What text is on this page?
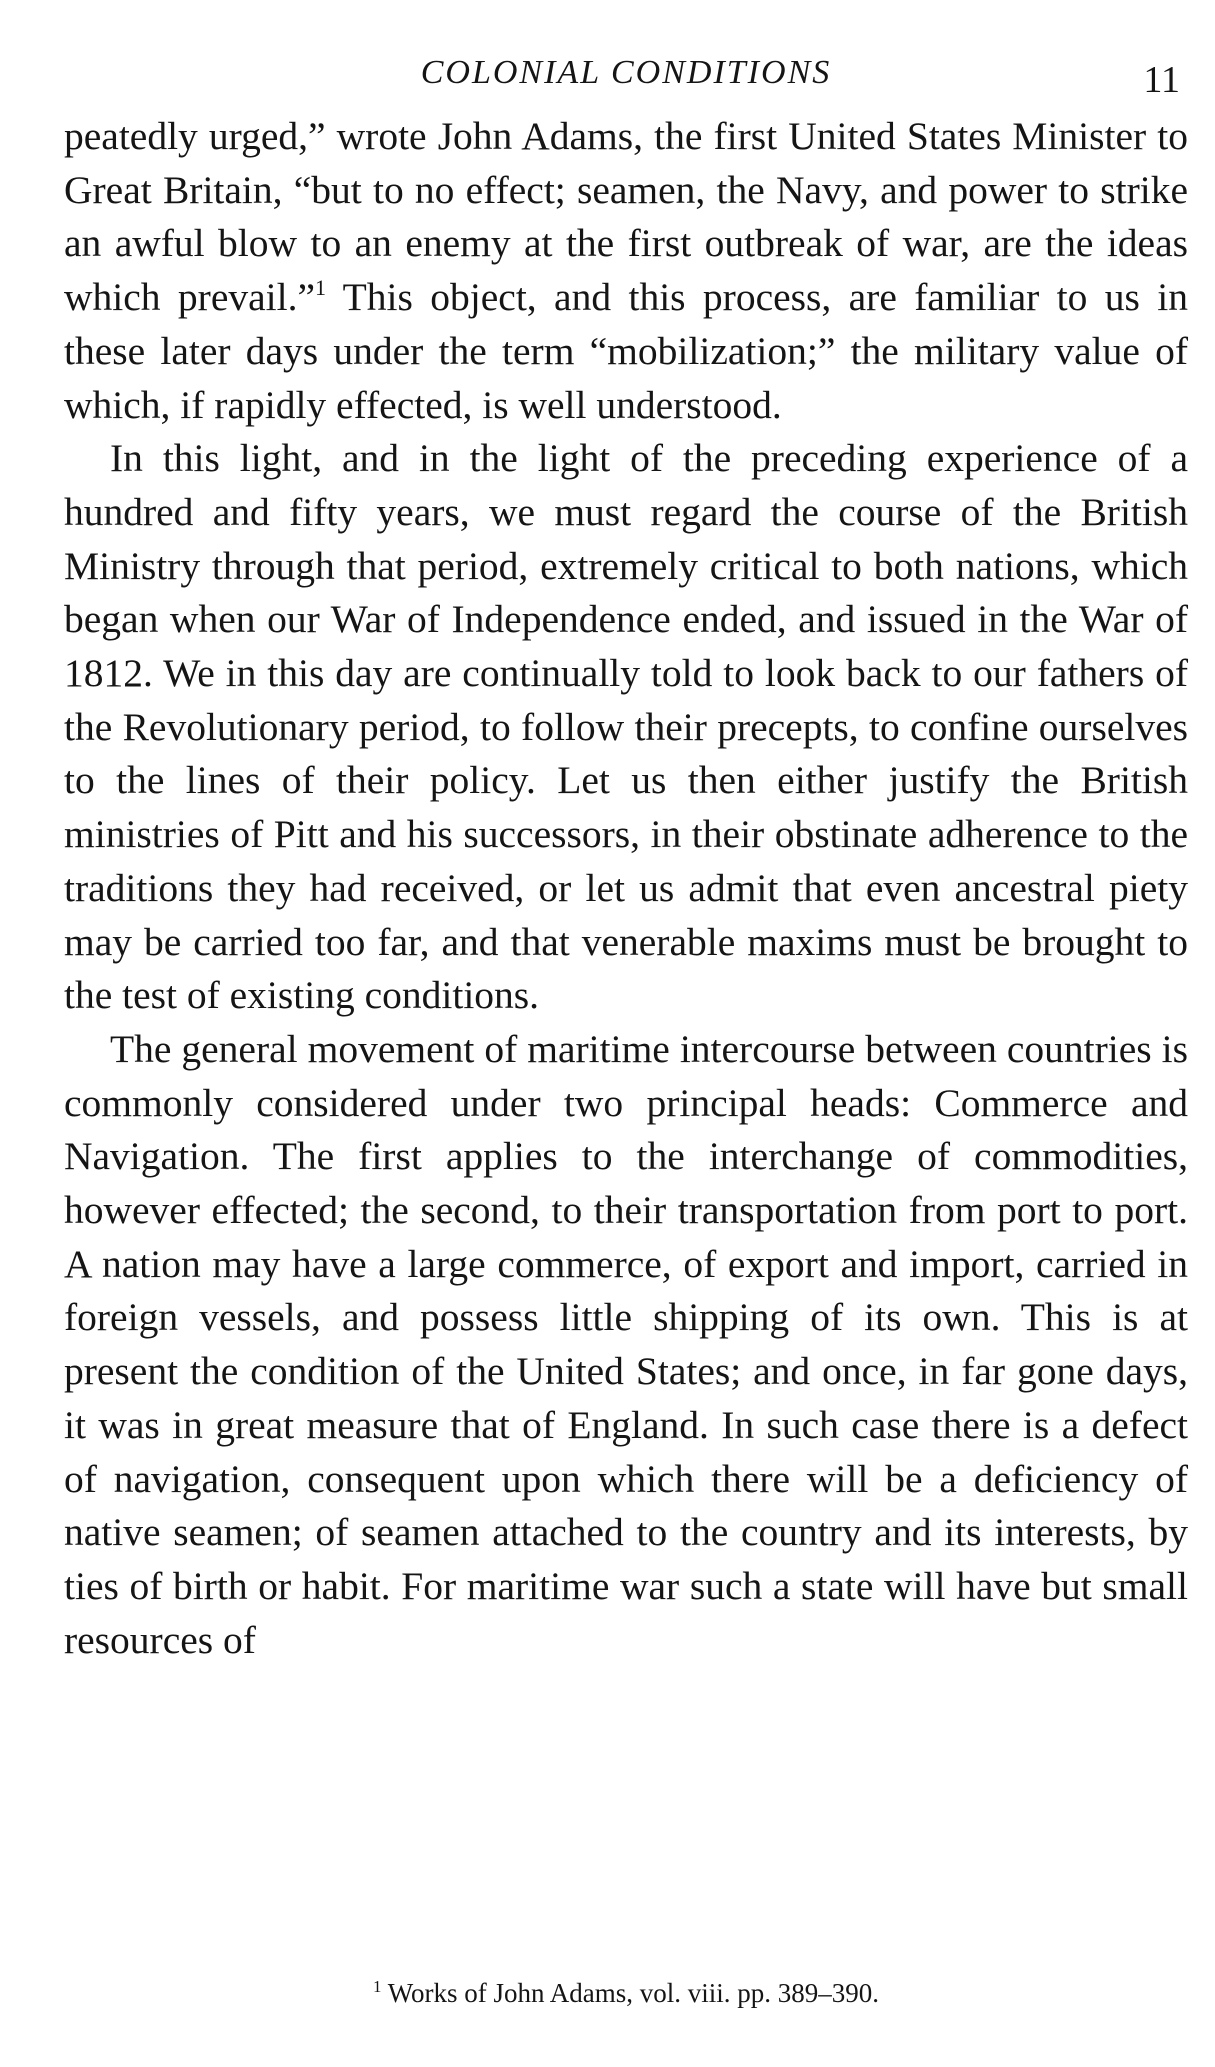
COLONIAL CONDITIONS	11

peatedly urged,” wrote John Adams, the first United States Minister to Great Britain, “but to no effect; seamen, the Navy, and power to strike an awful blow to an enemy at the first outbreak of war, are the ideas which prevail.”$^1$ This object, and this process, are familiar to us in these later days under the term “mobilization;” the military value of which, if rapidly effected, is well understood.

In this light, and in the light of the preceding experience of a hundred and fifty years, we must regard the course of the British Ministry through that period, extremely critical to both nations, which began when our War of Independence ended, and issued in the War of 1812. We in this day are continually told to look back to our fathers of the Revolutionary period, to follow their precepts, to confine ourselves to the lines of their policy. Let us then either justify the British ministries of Pitt and his successors, in their obstinate adherence to the traditions they had received, or let us admit that even ancestral piety may be carried too far, and that venerable maxims must be brought to the test of existing conditions.

The general movement of maritime intercourse between countries is commonly considered under two principal heads: Commerce and Navigation. The first applies to the interchange of commodities, however effected; the second, to their transportation from port to port. A nation may have a large commerce, of export and import, carried in foreign vessels, and possess little shipping of its own. This is at present the condition of the United States; and once, in far gone days, it was in great measure that of England. In such case there is a defect of navigation, consequent upon which there will be a deficiency of native seamen; of seamen attached to the country and its interests, by ties of birth or habit. For maritime war such a state will have but small resources of

$^1$ Works of John Adams, vol. viii. pp. 389–390.
